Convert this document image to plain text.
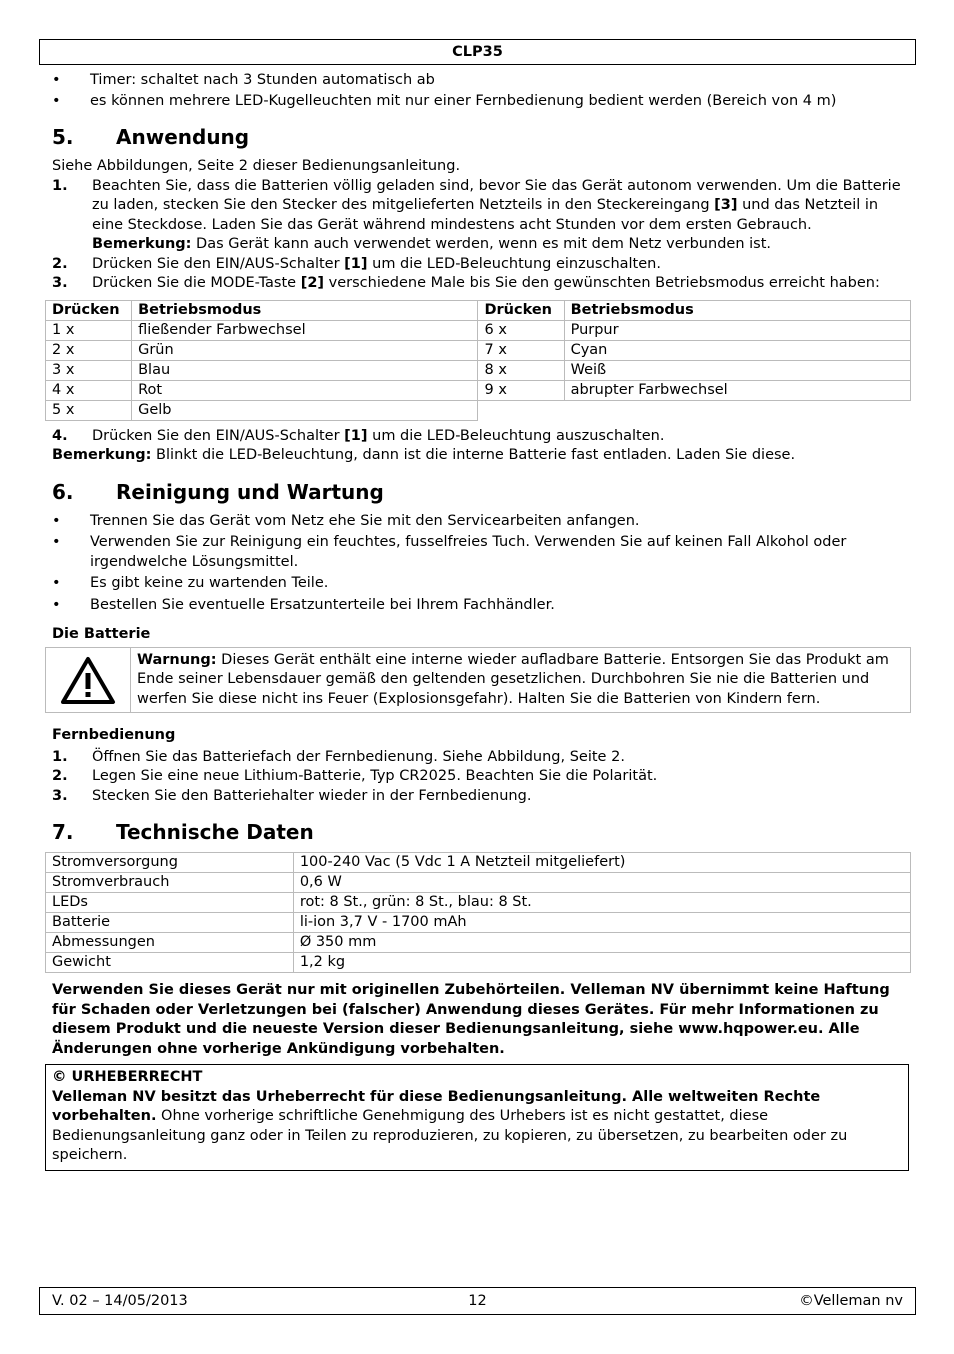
CLP35
• Timer: schaltet nach 3 Stunden automatisch ab
• es können mehrere LED-Kugelleuchten mit nur einer Fernbedienung bedient werden (Bereich von 4 m)
5. Anwendung
Siehe Abbildungen, Seite 2 dieser Bedienungsanleitung.
1. Beachten Sie, dass die Batterien völlig geladen sind, bevor Sie das Gerät autonom verwenden. Um die Batterie zu laden, stecken Sie den Stecker des mitgelieferten Netzteils in den Steckereingang [3] und das Netzteil in eine Steckdose. Laden Sie das Gerät während mindestens acht Stunden vor dem ersten Gebrauch.
Bemerkung: Das Gerät kann auch verwendet werden, wenn es mit dem Netz verbunden ist.
2. Drücken Sie den EIN/AUS-Schalter [1] um die LED-Beleuchtung einzuschalten.
3. Drücken Sie die MODE-Taste [2] verschiedene Male bis Sie den gewünschten Betriebsmodus erreicht haben:
Drücken	Betriebsmodus	Drücken	Betriebsmodus
1 x	fließender Farbwechsel	6 x	Purpur
2 x	Grün	7 x	Cyan
3 x	Blau	8 x	Weiß
4 x	Rot	9 x	abrupter Farbwechsel
5 x	Gelb		
4. Drücken Sie den EIN/AUS-Schalter [1] um die LED-Beleuchtung auszuschalten.
Bemerkung: Blinkt die LED-Beleuchtung, dann ist die interne Batterie fast entladen. Laden Sie diese.
6. Reinigung und Wartung
• Trennen Sie das Gerät vom Netz ehe Sie mit den Servicearbeiten anfangen.
• Verwenden Sie zur Reinigung ein feuchtes, fusselfreies Tuch. Verwenden Sie auf keinen Fall Alkohol oder irgendwelche Lösungsmittel.
• Es gibt keine zu wartenden Teile.
• Bestellen Sie eventuelle Ersatzunterteile bei Ihrem Fachhändler.
Die Batterie
Warnung: Dieses Gerät enthält eine interne wieder aufladbare Batterie. Entsorgen Sie das Produkt am Ende seiner Lebensdauer gemäß den geltenden gesetzlichen. Durchbohren Sie nie die Batterien und werfen Sie diese nicht ins Feuer (Explosionsgefahr). Halten Sie die Batterien von Kindern fern.
Fernbedienung
1. Öffnen Sie das Batteriefach der Fernbedienung. Siehe Abbildung, Seite 2.
2. Legen Sie eine neue Lithium-Batterie, Typ CR2025. Beachten Sie die Polarität.
3. Stecken Sie den Batteriehalter wieder in der Fernbedienung.
7. Technische Daten
Stromversorgung	100-240 Vac (5 Vdc 1 A Netzteil mitgeliefert)
Stromverbrauch	0,6 W
LEDs	rot: 8 St., grün: 8 St., blau: 8 St.
Batterie	li-ion 3,7 V - 1700 mAh
Abmessungen	Ø 350 mm
Gewicht	1,2 kg
Verwenden Sie dieses Gerät nur mit originellen Zubehörteilen. Velleman NV übernimmt keine Haftung für Schaden oder Verletzungen bei (falscher) Anwendung dieses Gerätes. Für mehr Informationen zu diesem Produkt und die neueste Version dieser Bedienungsanleitung, siehe www.hqpower.eu. Alle Änderungen ohne vorherige Ankündigung vorbehalten.
© URHEBERRECHT
Velleman NV besitzt das Urheberrecht für diese Bedienungsanleitung. Alle weltweiten Rechte vorbehalten. Ohne vorherige schriftliche Genehmigung des Urhebers ist es nicht gestattet, diese Bedienungsanleitung ganz oder in Teilen zu reproduzieren, zu kopieren, zu übersetzen, zu bearbeiten oder zu speichern.
V. 02 – 14/05/2013	12	©Velleman nv
